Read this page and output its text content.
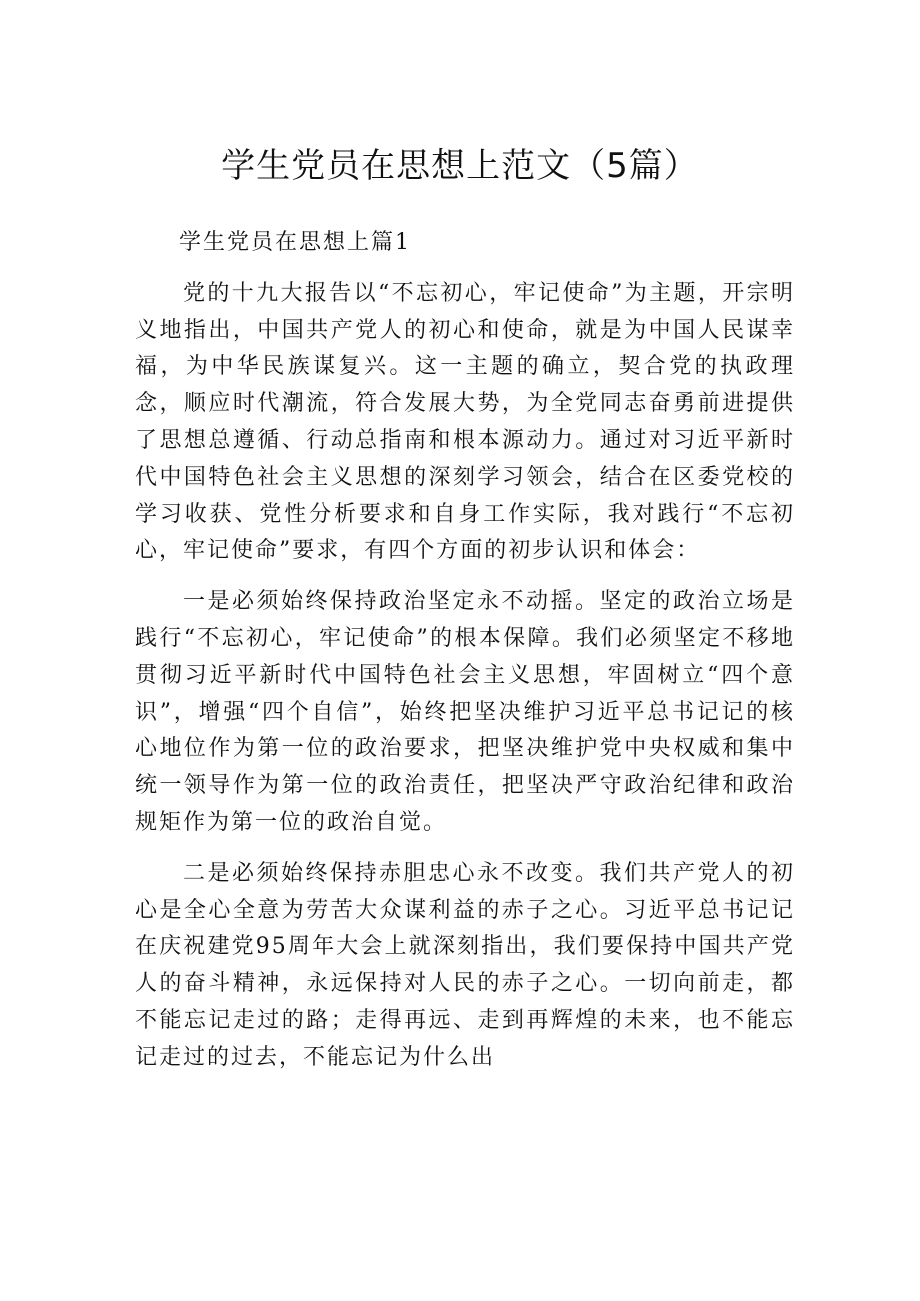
学生党员在思想上范文（5篇）

学生党员在思想上篇1

党的十九大报告以“不忘初心，牢记使命”为主题，开宗明义地指出，中国共产党人的初心和使命，就是为中国人民谋幸福，为中华民族谋复兴。这一主题的确立，契合党的执政理念，顺应时代潮流，符合发展大势，为全党同志奋勇前进提供了思想总遵循、行动总指南和根本源动力。通过对习近平新时代中国特色社会主义思想的深刻学习领会，结合在区委党校的学习收获、党性分析要求和自身工作实际，我对践行“不忘初心，牢记使命”要求，有四个方面的初步认识和体会：

一是必须始终保持政治坚定永不动摇。坚定的政治立场是践行“不忘初心，牢记使命”的根本保障。我们必须坚定不移地贯彻习近平新时代中国特色社会主义思想，牢固树立“四个意识”，增强“四个自信”，始终把坚决维护习近平总书记记的核心地位作为第一位的政治要求，把坚决维护党中央权威和集中统一领导作为第一位的政治责任，把坚决严守政治纪律和政治规矩作为第一位的政治自觉。

二是必须始终保持赤胆忠心永不改变。我们共产党人的初心是全心全意为劳苦大众谋利益的赤子之心。习近平总书记记在庆祝建党95周年大会上就深刻指出，我们要保持中国共产党人的奋斗精神，永远保持对人民的赤子之心。一切向前走，都不能忘记走过的路；走得再远、走到再辉煌的未来，也不能忘记走过的过去，不能忘记为什么出
